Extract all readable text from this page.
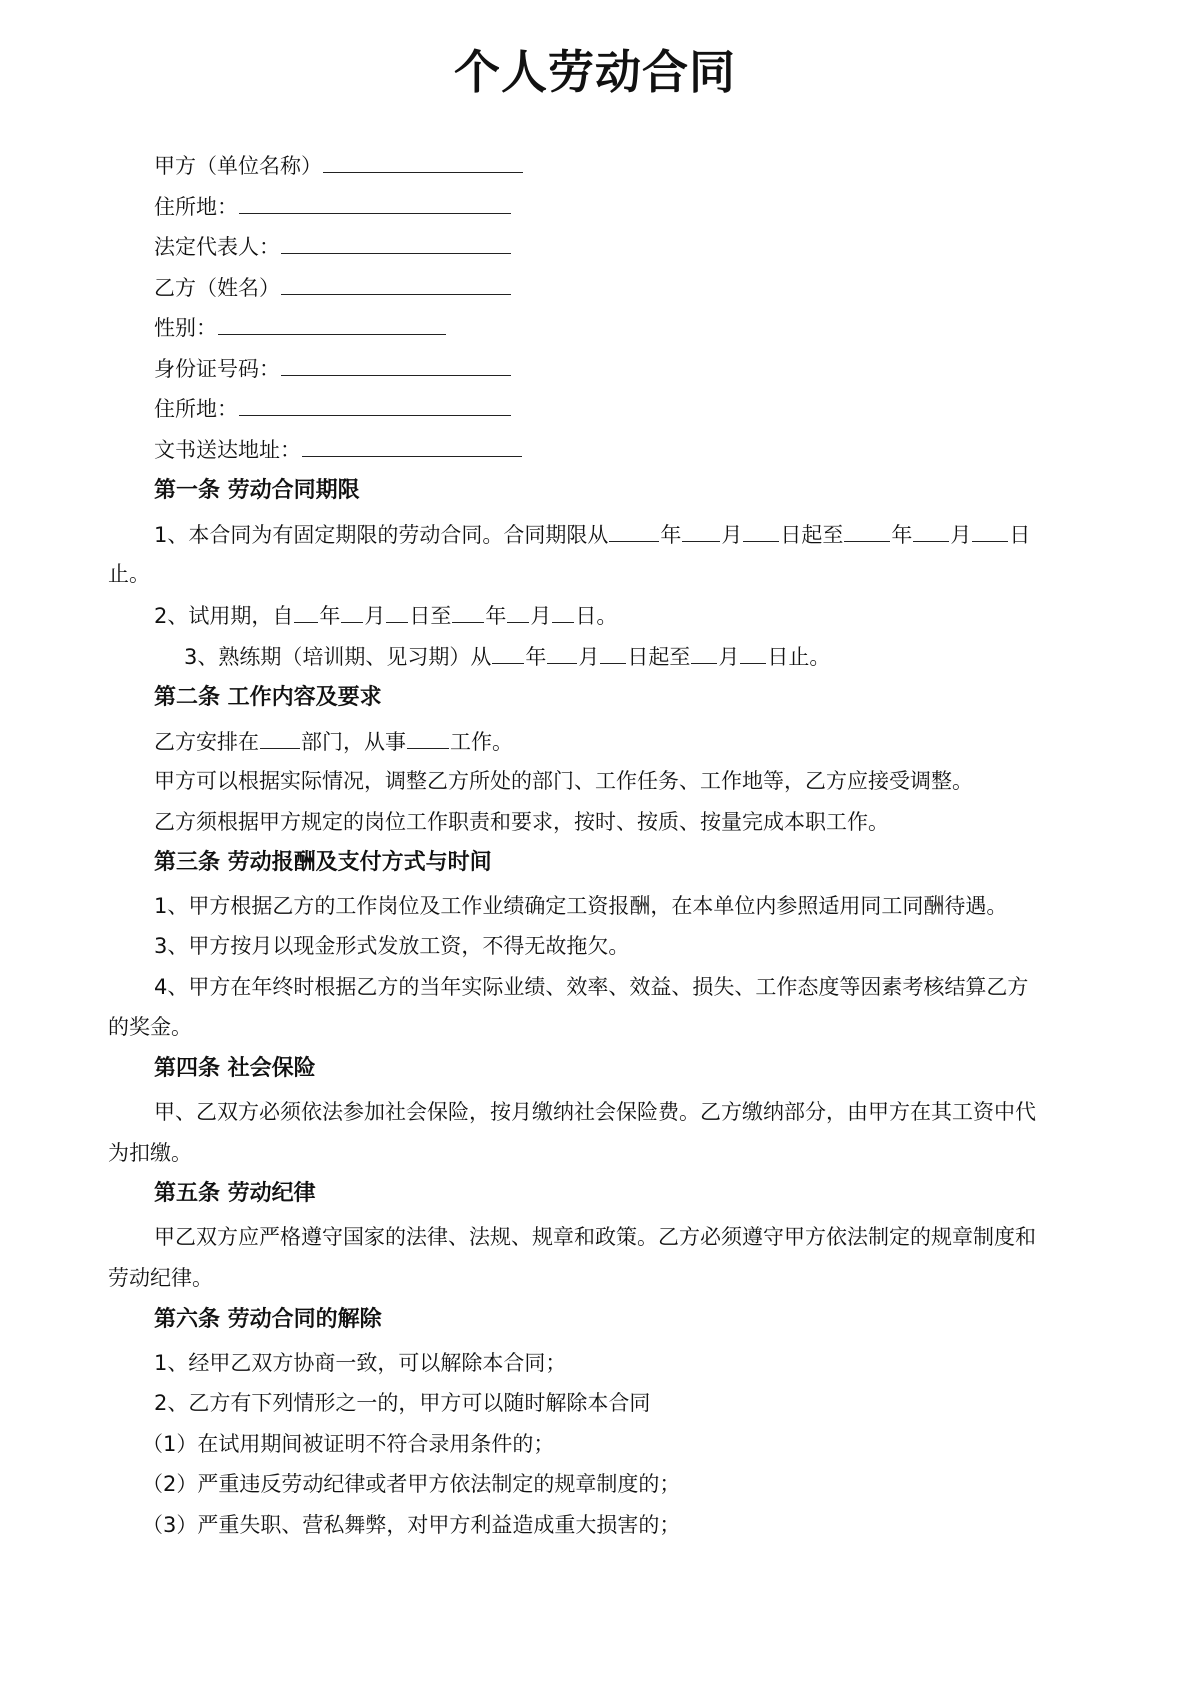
个人劳动合同
甲方（单位名称）
住所地：
法定代表人：
乙方（姓名）
性别：
身份证号码：
住所地：
文书送达地址：
第一条 劳动合同期限
1、本合同为有固定期限的劳动合同。合同期限从 年 月 日起至 年 月 日
止。
2、试用期，自 年 月 日至 年 月 日。
3、熟练期（培训期、见习期）从 年 月 日起至 月 日止。
第二条 工作内容及要求
乙方安排在 部门，从事 工作。
甲方可以根据实际情况，调整乙方所处的部门、工作任务、工作地等，乙方应接受调整。
乙方须根据甲方规定的岗位工作职责和要求，按时、按质、按量完成本职工作。
第三条 劳动报酬及支付方式与时间
1、甲方根据乙方的工作岗位及工作业绩确定工资报酬，在本单位内参照适用同工同酬待遇。
3、甲方按月以现金形式发放工资，不得无故拖欠。
4、甲方在年终时根据乙方的当年实际业绩、效率、效益、损失、工作态度等因素考核结算乙方
的奖金。
第四条 社会保险
甲、乙双方必须依法参加社会保险，按月缴纳社会保险费。乙方缴纳部分，由甲方在其工资中代
为扣缴。
第五条 劳动纪律
甲乙双方应严格遵守国家的法律、法规、规章和政策。乙方必须遵守甲方依法制定的规章制度和
劳动纪律。
第六条 劳动合同的解除
1、经甲乙双方协商一致，可以解除本合同；
2、乙方有下列情形之一的，甲方可以随时解除本合同
（1）在试用期间被证明不符合录用条件的；
（2）严重违反劳动纪律或者甲方依法制定的规章制度的；
（3）严重失职、营私舞弊，对甲方利益造成重大损害的；
